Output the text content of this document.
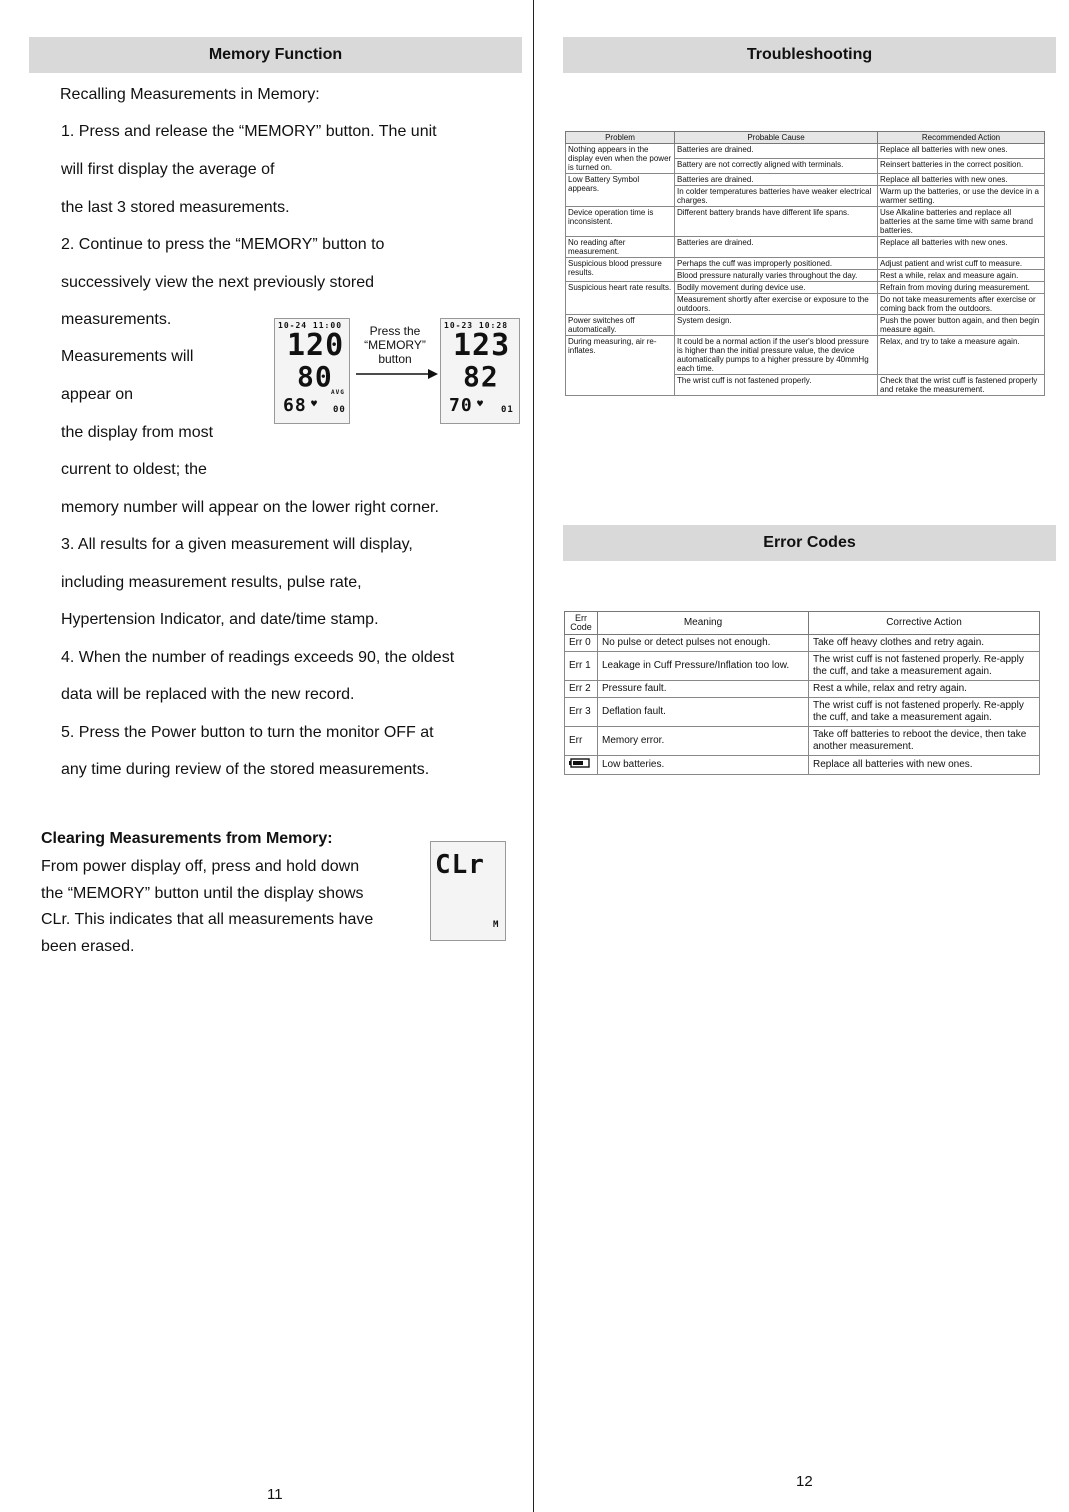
Memory Function
Recalling Measurements in Memory:
1. Press and release the “MEMORY” button. The unit
will first display the average of
the last 3 stored measurements.
2. Continue to press the “MEMORY” button to
successively view the next previously stored
measurements.
Measurements will
appear on
the display from most
current to oldest; the
memory number will appear on the lower right corner.
3. All results for a given measurement will display,
including measurement results, pulse rate,
Hypertension Indicator, and date/time stamp.
4. When the number of readings exceeds 90, the oldest
data will be replaced with the new record.
5. Press the Power button to turn the monitor OFF at
any time during review of the stored measurements.
10-24 11:00
120
80
AVG
68 ♥ 00
Press the
“MEMORY”
button
10-23 10:28
123
82
70 ♥ 01
Clearing Measurements from Memory:
From power display off, press and hold down
the “MEMORY” button until the display shows
CLr. This indicates that all measurements have
been erased.
CLr
M
11
Troubleshooting
Problem	Probable Cause	Recommended Action
Nothing appears in the display even when the power is turned on.	Batteries are drained.	Replace all batteries with new ones.
	Battery are not correctly aligned with terminals.	Reinsert batteries in the correct position.
Low Battery Symbol appears.	Batteries are drained.	Replace all batteries with new ones.
	In colder temperatures batteries have weaker electrical charges.	Warm up the batteries, or use the device in a warmer setting.
Device operation time is inconsistent.	Different battery brands have different life spans.	Use Alkaline batteries and replace all batteries at the same time with same brand batteries.
No reading after measurement.	Batteries are drained.	Replace all batteries with new ones.
Suspicious blood pressure results.	Perhaps the cuff was improperly positioned.	Adjust patient and wrist cuff to measure.
	Blood pressure naturally varies throughout the day.	Rest a while, relax and measure again.
Suspicious heart rate results.	Bodily movement during device use.	Refrain from moving during measurement.
	Measurement shortly after exercise or exposure to the outdoors.	Do not take measurements after exercise or coming back from the outdoors.
Power switches off automatically.	System design.	Push the power button again, and then begin measure again.
During measuring, air re-inflates.	It could be a normal action if the user's blood pressure is higher than the initial pressure value, the device automatically pumps to a higher pressure by 40mmHg each time.	Relax, and try to take a measure again.
	The wrist cuff is not fastened properly.	Check that the wrist cuff is fastened properly and retake the measurement.
Error Codes
Err Code	Meaning	Corrective Action
Err 0	No pulse or detect pulses not enough.	Take off heavy clothes and retry again.
Err 1	Leakage in Cuff Pressure/Inflation too low.	The wrist cuff is not fastened properly. Re-apply the cuff, and take a measurement again.
Err 2	Pressure fault.	Rest a while, relax and retry again.
Err 3	Deflation fault.	The wrist cuff is not fastened properly. Re-apply the cuff, and take a measurement again.
Err	Memory error.	Take off batteries to reboot the device, then take another measurement.
	Low batteries.	Replace all batteries with new ones.
12
